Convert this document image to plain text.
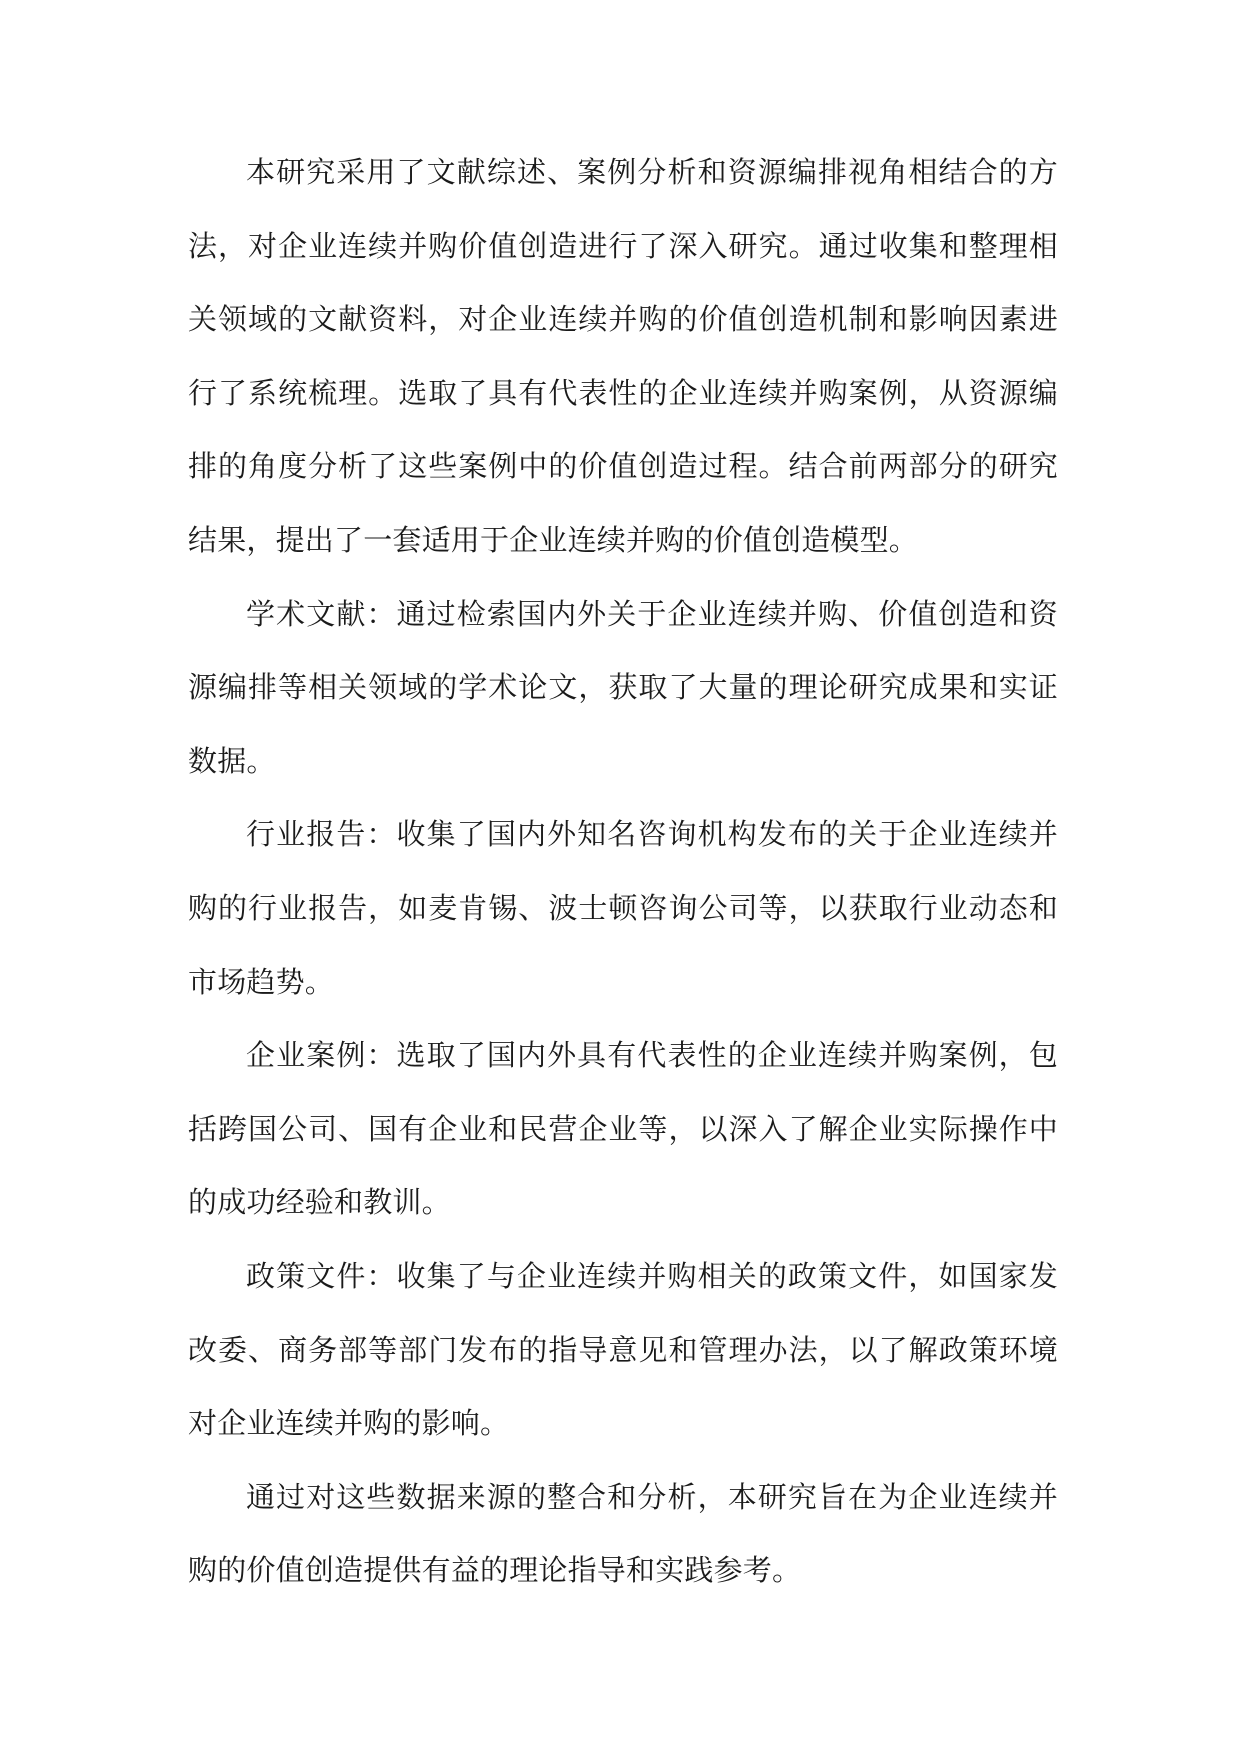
本研究采用了文献综述、案例分析和资源编排视角相结合的方法，对企业连续并购价值创造进行了深入研究。通过收集和整理相关领域的文献资料，对企业连续并购的价值创造机制和影响因素进行了系统梳理。选取了具有代表性的企业连续并购案例，从资源编排的角度分析了这些案例中的价值创造过程。结合前两部分的研究结果，提出了一套适用于企业连续并购的价值创造模型。

学术文献：通过检索国内外关于企业连续并购、价值创造和资源编排等相关领域的学术论文，获取了大量的理论研究成果和实证数据。

行业报告：收集了国内外知名咨询机构发布的关于企业连续并购的行业报告，如麦肯锡、波士顿咨询公司等，以获取行业动态和市场趋势。

企业案例：选取了国内外具有代表性的企业连续并购案例，包括跨国公司、国有企业和民营企业等，以深入了解企业实际操作中的成功经验和教训。

政策文件：收集了与企业连续并购相关的政策文件，如国家发改委、商务部等部门发布的指导意见和管理办法，以了解政策环境对企业连续并购的影响。

通过对这些数据来源的整合和分析，本研究旨在为企业连续并购的价值创造提供有益的理论指导和实践参考。
